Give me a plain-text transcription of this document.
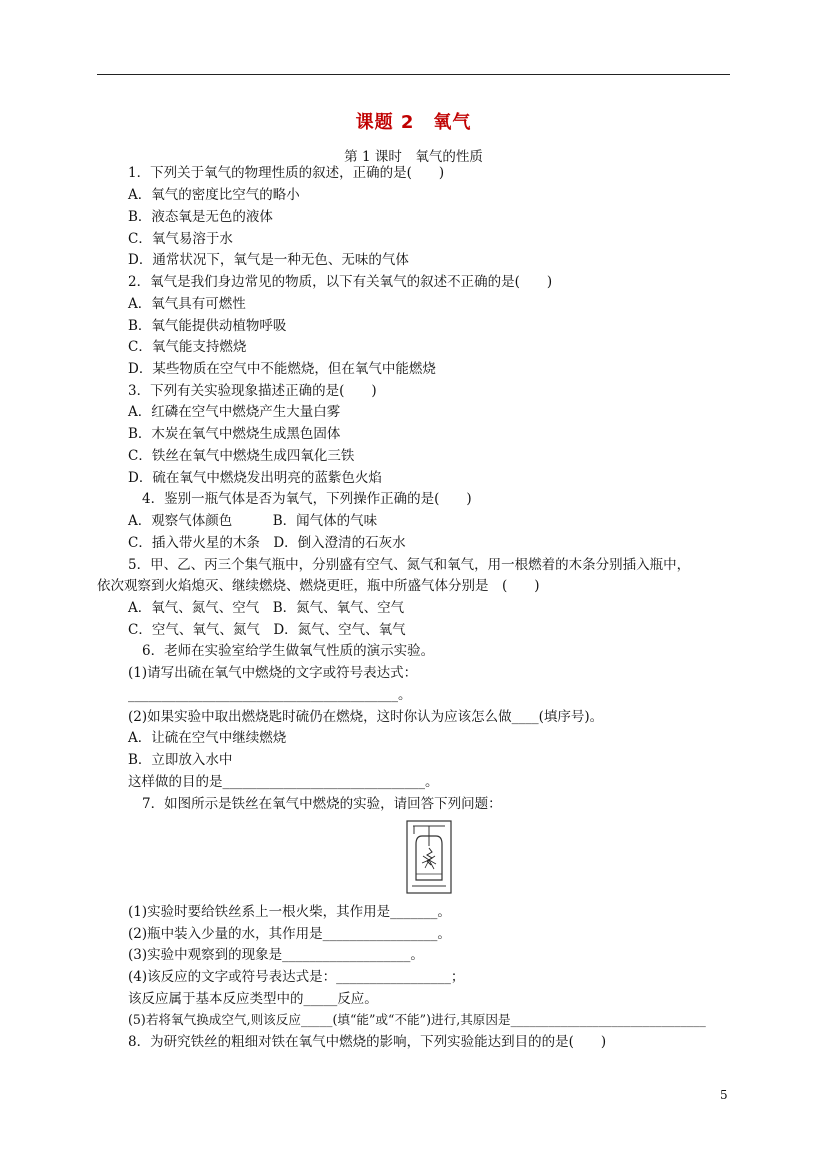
课题 2　氧气
第 1 课时　氧气的性质
1．下列关于氧气的物理性质的叙述，正确的是(　　)
A．氧气的密度比空气的略小
B．液态氧是无色的液体
C．氧气易溶于水
D．通常状况下，氧气是一种无色、无味的气体
2．氧气是我们身边常见的物质，以下有关氧气的叙述不正确的是(　　)
A．氧气具有可燃性
B．氧气能提供动植物呼吸
C．氧气能支持燃烧
D．某些物质在空气中不能燃烧，但在氧气中能燃烧
3．下列有关实验现象描述正确的是(　　)
A．红磷在空气中燃烧产生大量白雾
B．木炭在氧气中燃烧生成黑色固体
C．铁丝在氧气中燃烧生成四氧化三铁
D．硫在氧气中燃烧发出明亮的蓝紫色火焰
4．鉴别一瓶气体是否为氧气，下列操作正确的是(　　)
A．观察气体颜色　　　B．闻气体的气味
C．插入带火星的木条　D．倒入澄清的石灰水
5．甲、乙、丙三个集气瓶中，分别盛有空气、氮气和氧气，用一根燃着的木条分别插入瓶中，
依次观察到火焰熄灭、继续燃烧、燃烧更旺，瓶中所盛气体分别是　(　　)
A．氧气、氮气、空气　B．氮气、氧气、空气
C．空气、氧气、氮气　D．氮气、空气、氧气
6．老师在实验室给学生做氧气性质的演示实验。
(1)请写出硫在氧气中燃烧的文字或符号表达式：
________________________________________。
(2)如果实验中取出燃烧匙时硫仍在燃烧，这时你认为应该怎么做____(填序号)。
A．让硫在空气中继续燃烧
B．立即放入水中
这样做的目的是______________________________。
7．如图所示是铁丝在氧气中燃烧的实验，请回答下列问题：
(1)实验时要给铁丝系上一根火柴，其作用是_______。
(2)瓶中装入少量的水，其作用是_________________。
(3)实验中观察到的现象是___________________。
(4)该反应的文字或符号表达式是：_________________；
该反应属于基本反应类型中的_____反应。
(5)若将氧气换成空气,则该反应_____(填“能”或“不能”)进行,其原因是_______________________________
8．为研究铁丝的粗细对铁在氧气中燃烧的影响，下列实验能达到目的的是(　　)
5
